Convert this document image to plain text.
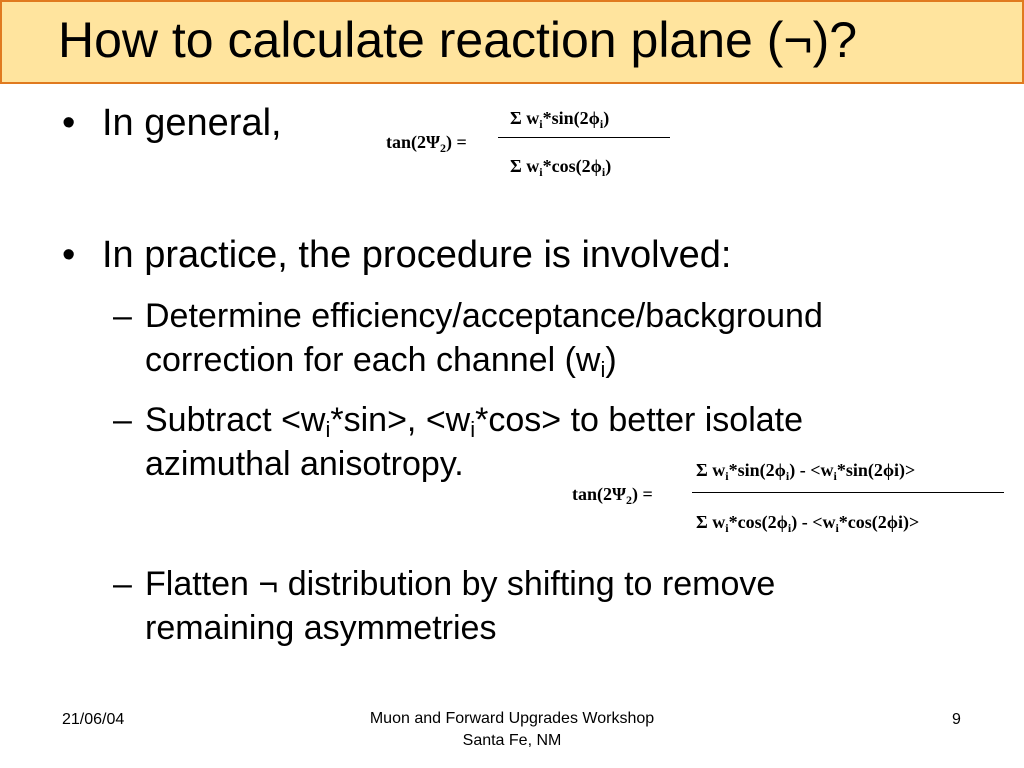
How to calculate reaction plane (¬)?
• In general,	$\tan(2\Psi_2)$ =
Σ $w_i*\sin(2\phi_i)$
Σ $w_i*\cos(2\phi_i)$
• In practice, the procedure is involved:
– Determine efficiency/acceptance/background
correction for each channel $(w_i)$
– Subtract $<w_i*\sin>$, $<w_i*\cos>$ to better isolate
azimuthal anisotropy.
$\tan(2\Psi_2)$ =
Σ $w_i*\sin(2\phi_i) - <w_i*\sin(2\phi i)>$
Σ $w_i*\cos(2\phi_i) - <w_i*\cos(2\phi i)>$
– Flatten ¬ distribution by shifting to remove
remaining asymmetries
21/06/04	Muon and Forward Upgrades Workshop
Santa Fe, NM
9
